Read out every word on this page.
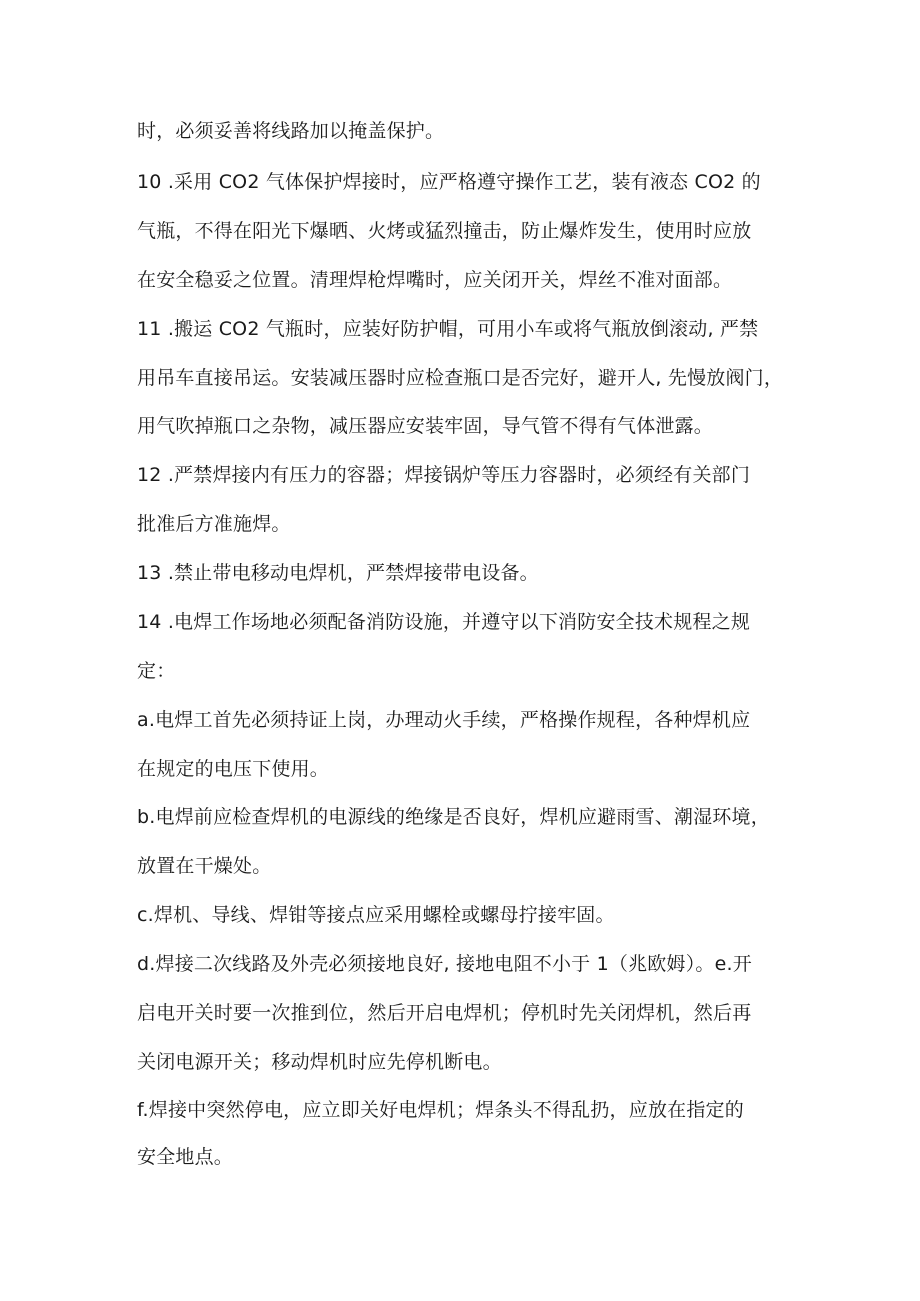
时，必须妥善将线路加以掩盖保护。
10 .采用 CO2 气体保护焊接时，应严格遵守操作工艺，装有液态 CO2 的
气瓶，不得在阳光下爆晒、火烤或猛烈撞击，防止爆炸发生，使用时应放
在安全稳妥之位置。清理焊枪焊嘴时，应关闭开关，焊丝不准对面部。
11 .搬运 CO2 气瓶时，应装好防护帽，可用小车或将气瓶放倒滚动, 严禁
用吊车直接吊运。安装减压器时应检查瓶口是否完好，避开人, 先慢放阀门，
用气吹掉瓶口之杂物，减压器应安装牢固，导气管不得有气体泄露。
12 .严禁焊接内有压力的容器；焊接锅炉等压力容器时，必须经有关部门
批准后方准施焊。
13 .禁止带电移动电焊机，严禁焊接带电设备。
14 .电焊工作场地必须配备消防设施，并遵守以下消防安全技术规程之规
定：
a.电焊工首先必须持证上岗，办理动火手续，严格操作规程，各种焊机应
在规定的电压下使用。
b.电焊前应检查焊机的电源线的绝缘是否良好，焊机应避雨雪、潮湿环境，
放置在干燥处。
c.焊机、导线、焊钳等接点应采用螺栓或螺母拧接牢固。
d.焊接二次线路及外壳必须接地良好, 接地电阻不小于 1（兆欧姆）。e.开
启电开关时要一次推到位，然后开启电焊机；停机时先关闭焊机，然后再
关闭电源开关；移动焊机时应先停机断电。
f.焊接中突然停电，应立即关好电焊机；焊条头不得乱扔，应放在指定的
安全地点。
